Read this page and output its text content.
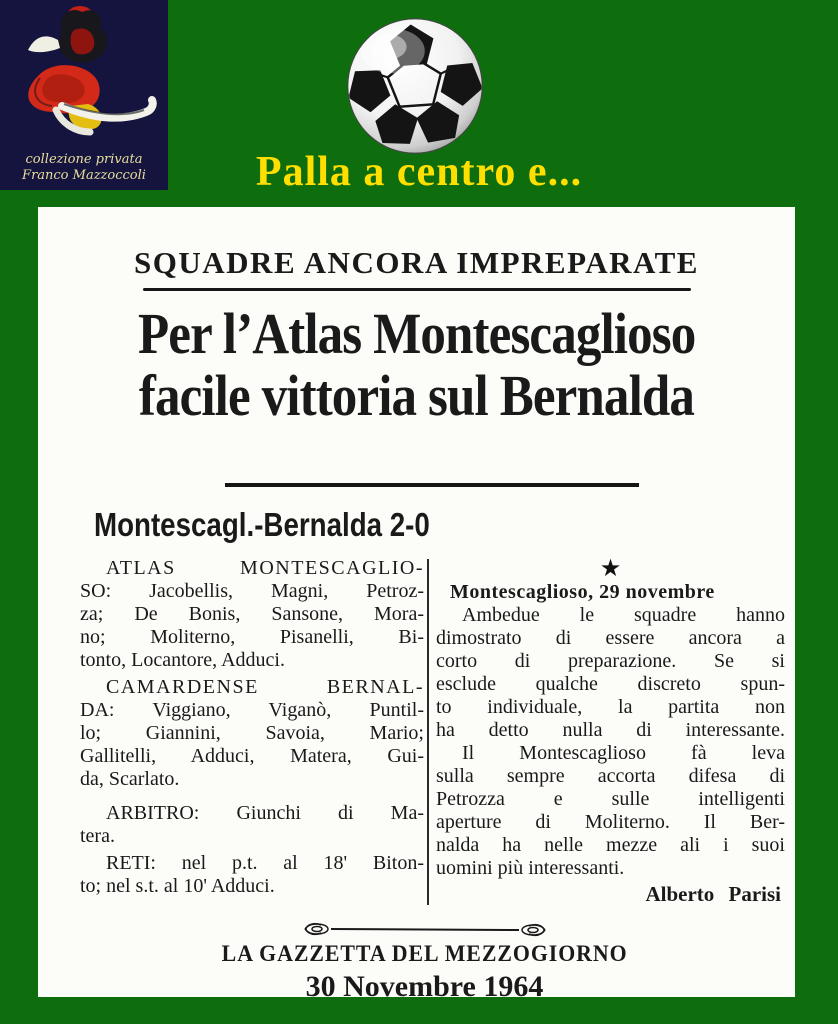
collezione privata
Franco Mazzoccoli	Palla a centro e...
SQUADRE ANCORA IMPREPARATE
Per l’Atlas Montescaglioso
facile vittoria sul Bernalda
Montescagl.-Bernalda 2-0
ATLAS MONTESCAGLIO-
SO: Jacobellis, Magni, Petroz-
za; De Bonis, Sansone, Mora-
no; Moliterno, Pisanelli, Bi-
tonto, Locantore, Adduci.
CAMARDENSE BERNAL-
DA: Viggiano, Viganò, Puntil-
lo; Giannini, Savoia, Mario;
Gallitelli, Adduci, Matera, Gui-
da, Scarlato.
ARBITRO: Giunchi di Ma-
tera.
RETI: nel p.t. al 18' Biton-
to; nel s.t. al 10' Adduci.
★
Montescaglioso, 29 novembre
Ambedue le squadre hanno
dimostrato di essere ancora a
corto di preparazione. Se si
esclude qualche discreto spun-
to individuale, la partita non
ha detto nulla di interessante.
Il Montescaglioso fà leva
sulla sempre accorta difesa di
Petrozza e sulle intelligenti
aperture di Moliterno. Il Ber-
nalda ha nelle mezze ali i suoi
uomini più interessanti.
Alberto Parisi
LA GAZZETTA DEL MEZZOGIORNO
30 Novembre 1964
